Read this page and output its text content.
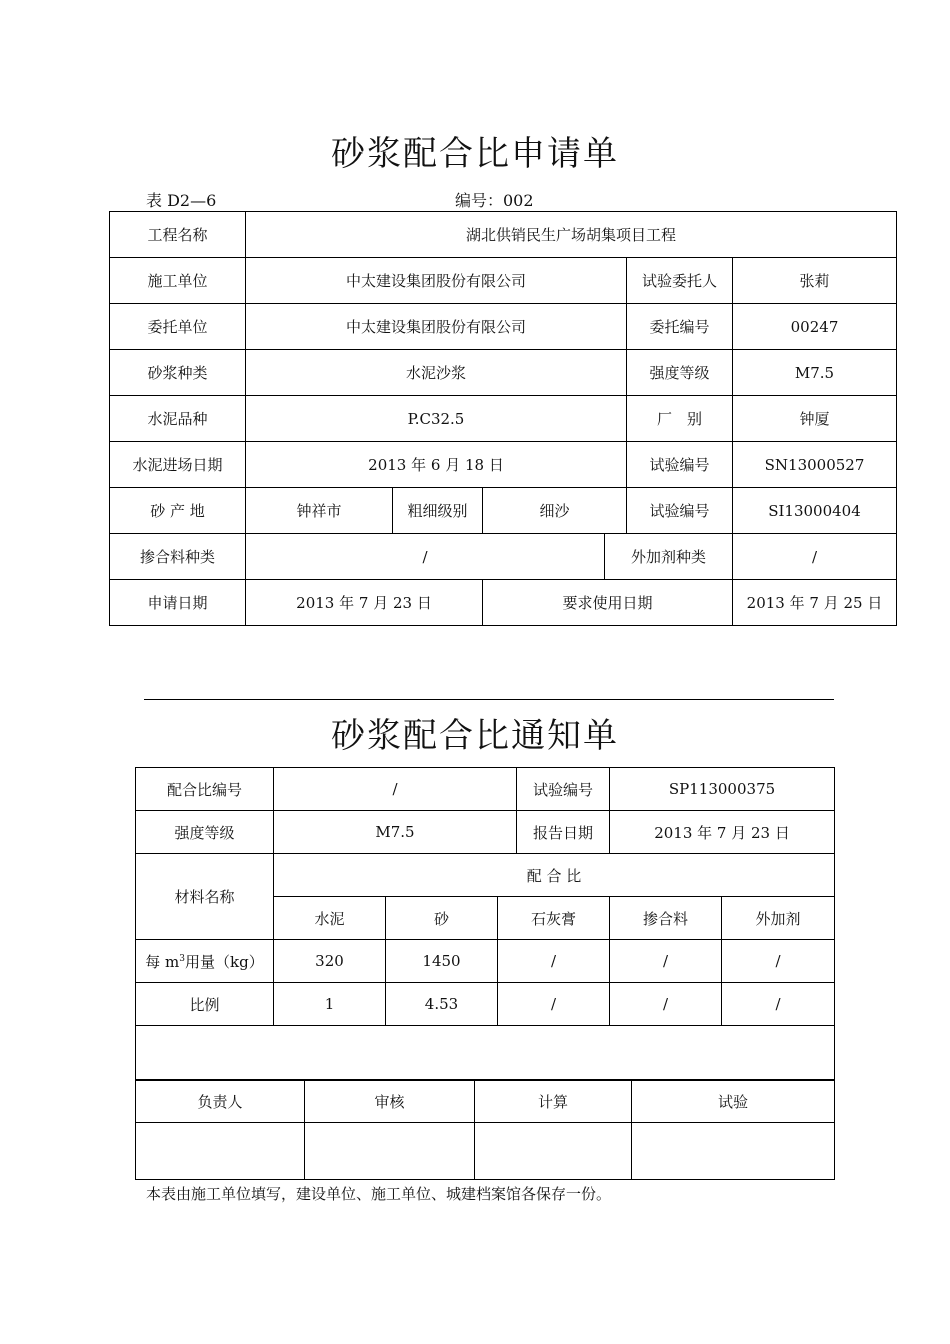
砂浆配合比申请单
表 D2—6	编号：002
工程名称	湖北供销民生广场胡集项目工程					
施工单位	中太建设集团股份有限公司				试验委托人	张莉
委托单位	中太建设集团股份有限公司				委托编号	00247
砂浆种类	水泥沙浆				强度等级	M7.5
水泥品种	P.C32.5				厂　别	钟厦
水泥进场日期	2013 年 6 月 18 日				试验编号	SN13000527
砂 产 地	钟祥市	粗细级别	细沙		试验编号	SI13000404
掺合料种类	/			外加剂种类		/
申请日期	2013 年 7 月 23 日		要求使用日期			2013 年 7 月 25 日
砂浆配合比通知单
配合比编号	/			试验编号	SP113000375	
强度等级	M7.5			报告日期	2013 年 7 月 23 日	
材料名称	配 合 比					
	水泥	砂	石灰膏		掺合料	外加剂
每 $m^3$用量（kg）	320	1450	/		/	/
比例	1	4.53	/		/	/

负责人	审核	计算	试验

本表由施工单位填写，建设单位、施工单位、城建档案馆各保存一份。
